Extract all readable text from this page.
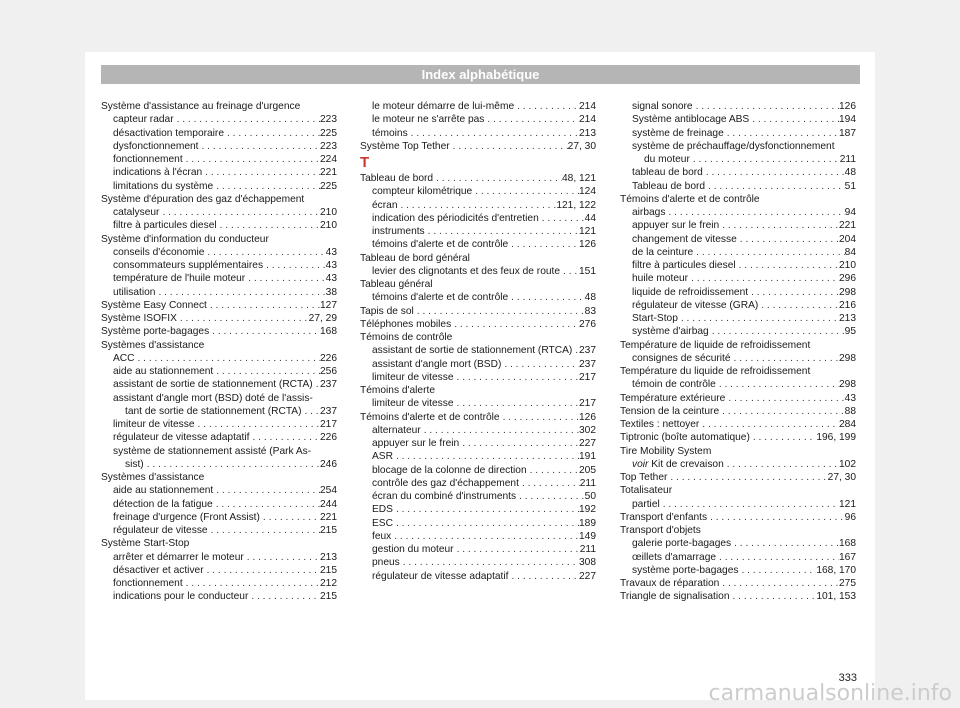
Index alphabétique
Système d'assistance au freinage d'urgence
capteur radar . . .	223
désactivation temporaire . . .	225
dysfonctionnement . . .	223
fonctionnement . . .	224
indications à l'écran . . .	221
limitations du système . . .	225
Système d'épuration des gaz d'échappement
catalyseur . . .	210
filtre à particules diesel . . .	210
Système d'information du conducteur
conseils d'économie . . .	43
consommateurs supplémentaires . . .	43
température de l'huile moteur . . .	43
utilisation . . .	38
Système Easy Connect . . .	127
Système ISOFIX . . .	27, 29
Système porte-bagages . . .	168
Systèmes d'assistance
ACC . . .	226
aide au stationnement . . .	256
assistant de sortie de stationnement (RCTA) . . . 237
assistant d'angle mort (BSD) doté de l'assis-
tant de sortie de stationnement (RCTA) . . . 237
limiteur de vitesse . . .	217
régulateur de vitesse adaptatif . . .	226
système de stationnement assisté (Park As-
sist) . . .	246
Systèmes d'assistance
aide au stationnement . . .	254
détection de la fatigue . . .	244
freinage d'urgence (Front Assist) . . .	221
régulateur de vitesse . . .	215
Système Start-Stop
arrêter et démarrer le moteur . . .	213
désactiver et activer . . .	215
fonctionnement . . .	212
indications pour le conducteur . . .	215
le moteur démarre de lui-même . . .	214
le moteur ne s'arrête pas . . .	214
témoins . . .	213
Système Top Tether . . .	27, 30
T
Tableau de bord . . .	48, 121
compteur kilométrique . . .	124
écran . . .	121, 122
indication des périodicités d'entretien . . .	44
instruments . . .	121
témoins d'alerte et de contrôle . . .	126
Tableau de bord général
levier des clignotants et des feux de route . . . 151
Tableau général
témoins d'alerte et de contrôle . . .	48
Tapis de sol . . .	83
Téléphones mobiles . . .	276
Témoins de contrôle
assistant de sortie de stationnement (RTCA) . . . 237
assistant d'angle mort (BSD) . . .	237
limiteur de vitesse . . .	217
Témoins d'alerte
limiteur de vitesse . . .	217
Témoins d'alerte et de contrôle . . .	126
alternateur . . .	302
appuyer sur le frein . . .	227
ASR . . .	191
blocage de la colonne de direction . . .	205
contrôle des gaz d'échappement . . .	211
écran du combiné d'instruments . . .	50
EDS . . .	192
ESC . . .	189
feux . . .	149
gestion du moteur . . .	211
pneus . . .	308
régulateur de vitesse adaptatif . . .	227
signal sonore . . .	126
Système antiblocage ABS . . .	194
système de freinage . . .	187
système de préchauffage/dysfonctionnement
du moteur . . .	211
tableau de bord . . .	48
Tableau de bord . . .	51
Témoins d'alerte et de contrôle
airbags . . .	94
appuyer sur le frein . . .	221
changement de vitesse . . .	204
de la ceinture . . .	84
filtre à particules diesel . . .	210
huile moteur . . .	296
liquide de refroidissement . . .	298
régulateur de vitesse (GRA) . . .	216
Start-Stop . . .	213
système d'airbag . . .	95
Température de liquide de refroidissement
consignes de sécurité . . .	298
Température du liquide de refroidissement
témoin de contrôle . . .	298
Température extérieure . . .	43
Tension de la ceinture . . .	88
Textiles : nettoyer . . .	284
Tiptronic (boîte automatique) . . .	196, 199
Tire Mobility System
voir Kit de crevaison . . .	102
Top Tether . . .	27, 30
Totalisateur
partiel . . .	121
Transport d'enfants . . .	96
Transport d'objets
galerie porte-bagages . . .	168
œillets d'amarrage . . .	167
système porte-bagages . . .	168, 170
Travaux de réparation . . .	275
Triangle de signalisation . . .	101, 153
333
carmanualsonline.info
